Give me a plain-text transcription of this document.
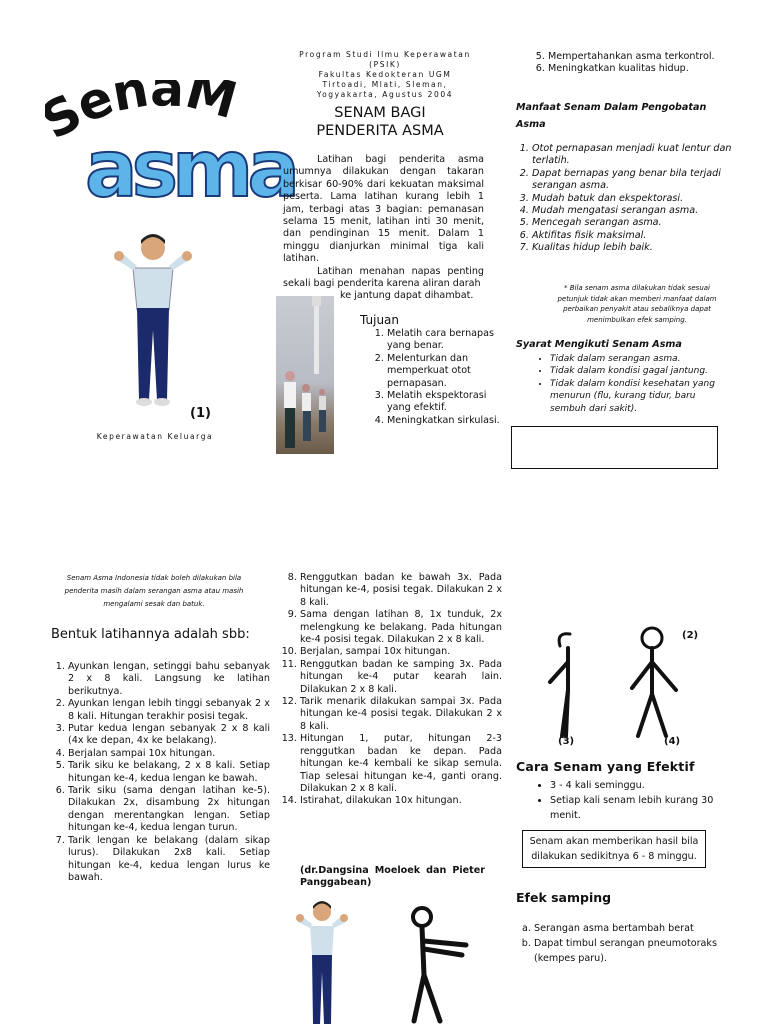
enaM
asma
(1)
Keperawatan Keluarga
Program Studi Ilmu Keperawatan
(PSIK)
Fakultas Kedokteran UGM
Tirtoadi, Mlati, Sleman,
Yogyakarta, Agustus 2004
SENAM BAGI
PENDERITA ASMA
Latihan bagi penderita asma umumnya dilakukan dengan takaran berkisar 60-90% dari kekuatan maksimal peserta. Lama latihan kurang lebih 1 jam, terbagi atas 3 bagian: pemanasan selama 15 menit, latihan inti 30 menit, dan pendinginan 15 menit. Dalam 1 minggu dianjurkan minimal tiga kali latihan.
Latihan menahan napas penting sekali bagi penderita karena aliran darah
ke jantung dapat dihambat.
Tujuan
1. Melatih cara bernapas yang benar.
2. Melenturkan dan memperkuat otot pernapasan.
3. Melatih ekspektorasi yang efektif.
4. Meningkatkan sirkulasi.
5. Mempertahankan asma terkontrol.
6. Meningkatkan kualitas hidup.
Manfaat Senam Dalam Pengobatan Asma
1. Otot pernapasan menjadi kuat lentur dan terlatih.
2. Dapat bernapas yang benar bila terjadi serangan asma.
3. Mudah batuk dan ekspektorasi.
4. Mudah mengatasi serangan asma.
5. Mencegah serangan asma.
6. Aktifitas fisik maksimal.
7. Kualitas hidup lebih baik.
* Bila senam asma dilakukan tidak sesuai petunjuk tidak akan memberi manfaat dalam perbaikan penyakit atau sebaliknya dapat menimbulkan efek samping.
Syarat Mengikuti Senam Asma
• Tidak dalam serangan asma.
• Tidak dalam kondisi gagal jantung.
• Tidak dalam kondisi kesehatan yang menurun (flu, kurang tidur, baru sembuh dari sakit).
Senam Asma Indonesia tidak boleh dilakukan bila penderita masih dalam serangan asma atau masih mengalami sesak dan batuk.
Bentuk latihannya adalah sbb:
1. Ayunkan lengan, setinggi bahu sebanyak 2 x 8 kali. Langsung ke latihan berikutnya.
2. Ayunkan lengan lebih tinggi sebanyak 2 x 8 kali. Hitungan terakhir posisi tegak.
3. Putar kedua lengan sebanyak 2 x 8 kali (4x ke depan, 4x ke belakang).
4. Berjalan sampai 10x hitungan.
5. Tarik siku ke belakang, 2 x 8 kali. Setiap hitungan ke-4, kedua lengan ke bawah.
6. Tarik siku (sama dengan latihan ke-5). Dilakukan 2x, disambung 2x hitungan dengan merentangkan lengan. Setiap hitungan ke-4, kedua lengan turun.
7. Tarik lengan ke belakang (dalam sikap lurus). Dilakukan 2x8 kali. Setiap hitungan ke-4, kedua lengan lurus ke bawah.
8. Renggutkan badan ke bawah 3x. Pada hitungan ke-4, posisi tegak. Dilakukan 2 x 8 kali.
9. Sama dengan latihan 8, 1x tunduk, 2x melengkung ke belakang. Pada hitungan ke-4 posisi tegak. Dilakukan 2 x 8 kali.
10. Berjalan, sampai 10x hitungan.
11. Renggutkan badan ke samping 3x. Pada hitungan ke-4 putar kearah lain. Dilakukan 2 x 8 kali.
12. Tarik menarik dilakukan sampai 3x. Pada hitungan ke-4 posisi tegak. Dilakukan 2 x 8 kali.
13. Hitungan 1, putar, hitungan 2-3 renggutkan badan ke depan. Pada hitungan ke-4 kembali ke sikap semula. Tiap selesai hitungan ke-4, ganti orang. Dilakukan 2 x 8 kali.
14. Istirahat, dilakukan 10x hitungan.
(dr.Dangsina Moeloek dan Pieter Panggabean)
(2)
(3)	(4)
Cara Senam yang Efektif
• 3 - 4 kali seminggu.
• Setiap kali senam lebih kurang 30 menit.
Senam akan memberikan hasil bila dilakukan sedikitnya 6 - 8 minggu.
Efek samping
a. Serangan asma bertambah berat
b. Dapat timbul serangan pneumotoraks (kempes paru).
